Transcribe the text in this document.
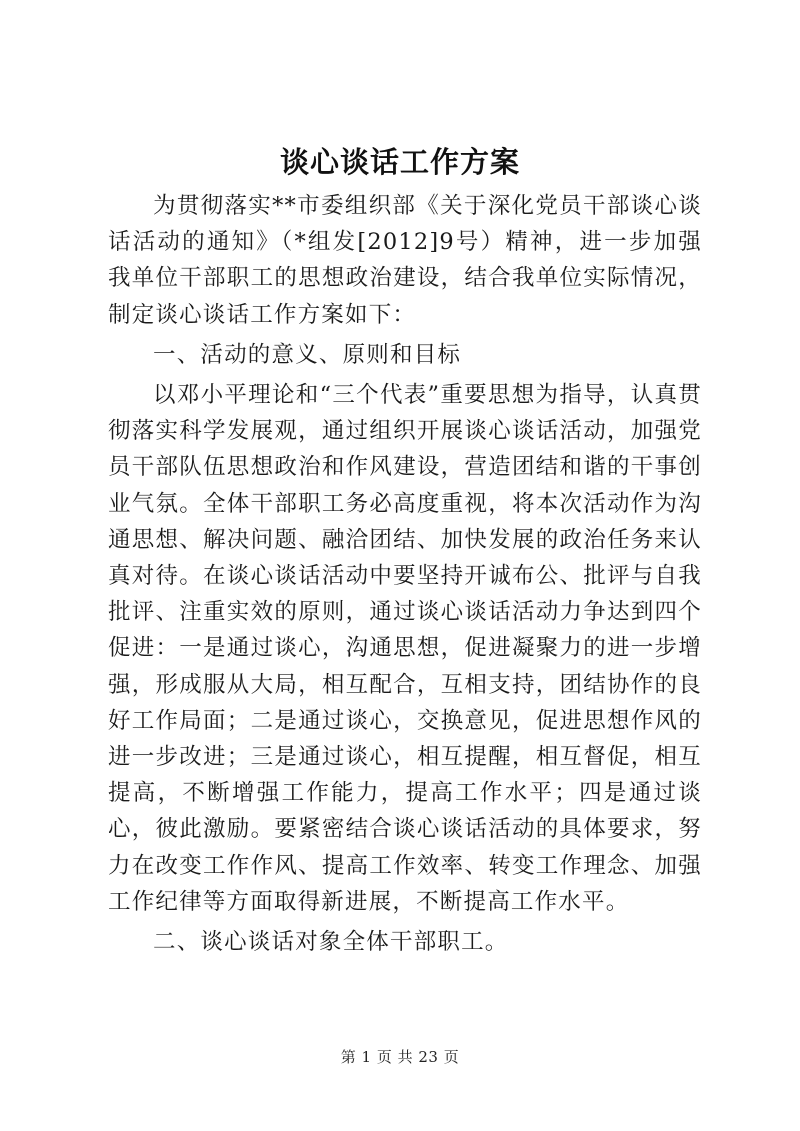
谈心谈话工作方案

为贯彻落实**市委组织部《关于深化党员干部谈心谈话活动的通知》（*组发[2012]9号）精神，进一步加强我单位干部职工的思想政治建设，结合我单位实际情况，制定谈心谈话工作方案如下：

一、活动的意义、原则和目标

以邓小平理论和“三个代表”重要思想为指导，认真贯彻落实科学发展观，通过组织开展谈心谈话活动，加强党员干部队伍思想政治和作风建设，营造团结和谐的干事创业气氛。全体干部职工务必高度重视，将本次活动作为沟通思想、解决问题、融洽团结、加快发展的政治任务来认真对待。在谈心谈话活动中要坚持开诚布公、批评与自我批评、注重实效的原则，通过谈心谈话活动力争达到四个促进：一是通过谈心，沟通思想，促进凝聚力的进一步增强，形成服从大局，相互配合，互相支持，团结协作的良好工作局面；二是通过谈心，交换意见，促进思想作风的进一步改进；三是通过谈心，相互提醒，相互督促，相互提高，不断增强工作能力，提高工作水平；四是通过谈心，彼此激励。要紧密结合谈心谈话活动的具体要求，努力在改变工作作风、提高工作效率、转变工作理念、加强工作纪律等方面取得新进展，不断提高工作水平。

二、谈心谈话对象全体干部职工。

第 1 页 共 23 页
